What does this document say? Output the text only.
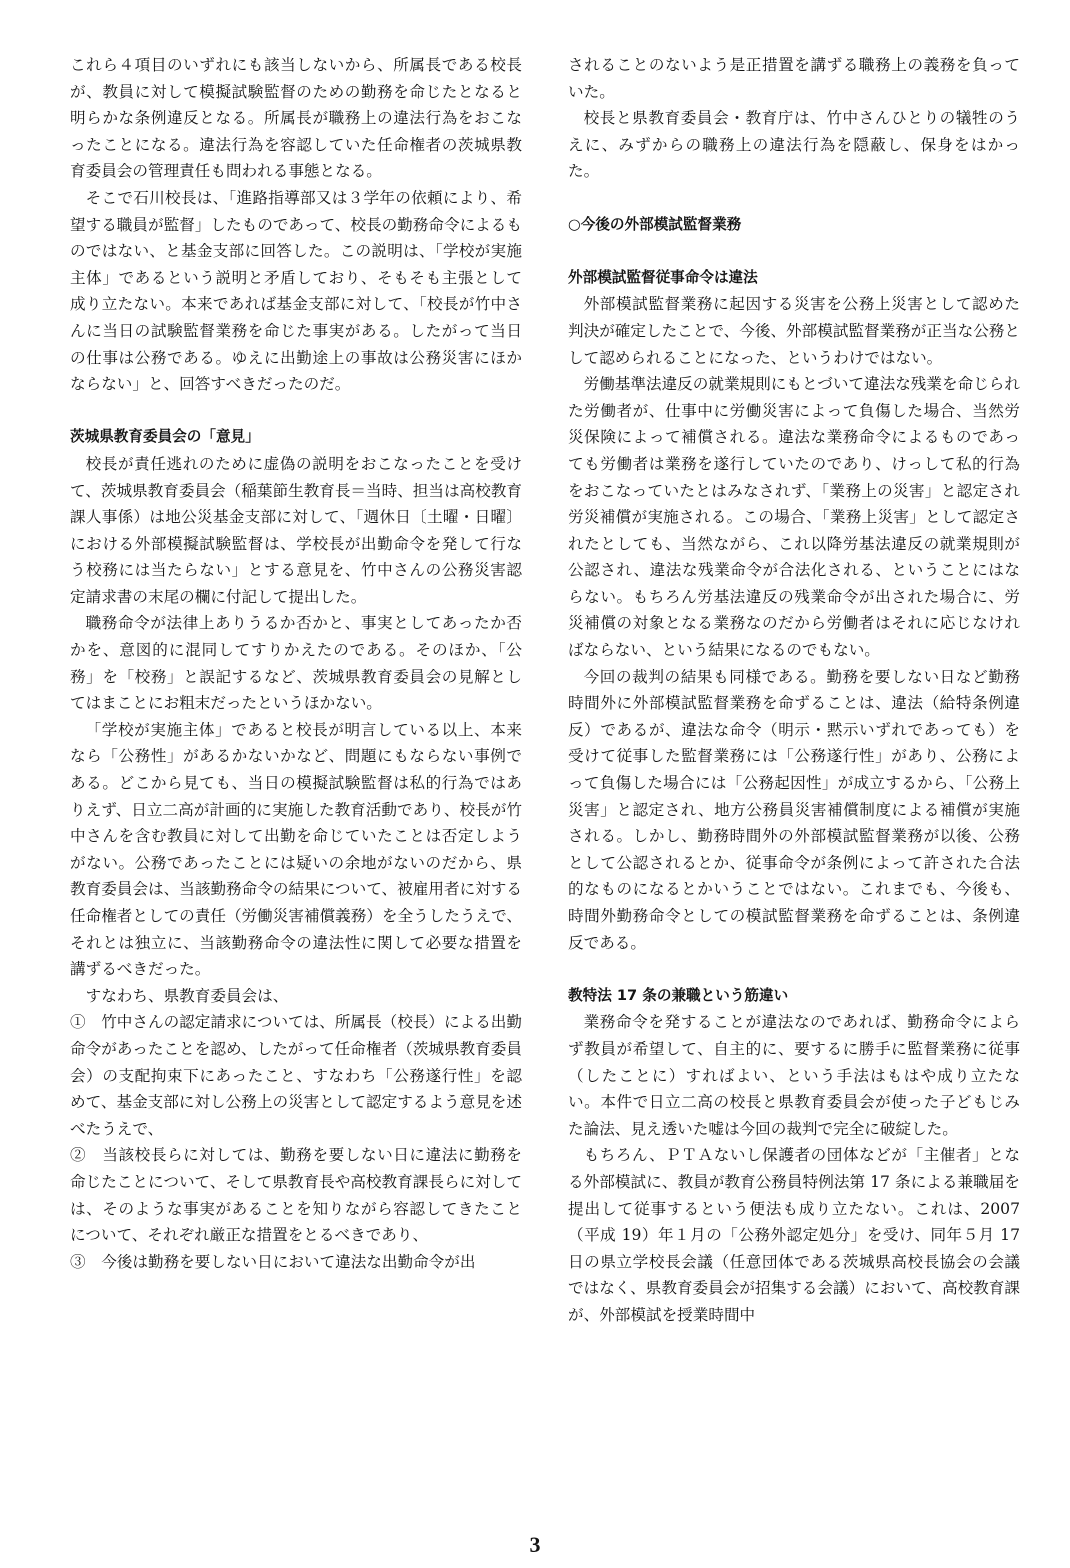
これら４項目のいずれにも該当しないから、所属長である校長が、教員に対して模擬試験監督のための勤務を命じたとなると明らかな条例違反となる。所属長が職務上の違法行為をおこなったことになる。違法行為を容認していた任命権者の茨城県教育委員会の管理責任も問われる事態となる。

そこで石川校長は、「進路指導部又は３学年の依頼により、希望する職員が監督」したものであって、校長の勤務命令によるものではない、と基金支部に回答した。この説明は、「学校が実施主体」であるという説明と矛盾しており、そもそも主張として成り立たない。本来であれば基金支部に対して、「校長が竹中さんに当日の試験監督業務を命じた事実がある。したがって当日の仕事は公務である。ゆえに出勤途上の事故は公務災害にほかならない」と、回答すべきだったのだ。

茨城県教育委員会の「意見」

校長が責任逃れのために虚偽の説明をおこなったことを受けて、茨城県教育委員会（稲葉節生教育長＝当時、担当は高校教育課人事係）は地公災基金支部に対して、「週休日〔土曜・日曜〕における外部模擬試験監督は、学校長が出勤命令を発して行なう校務には当たらない」とする意見を、竹中さんの公務災害認定請求書の末尾の欄に付記して提出した。

職務命令が法律上ありうるか否かと、事実としてあったか否かを、意図的に混同してすりかえたのである。そのほか、「公務」を「校務」と誤記するなど、茨城県教育委員会の見解としてはまことにお粗末だったというほかない。

「学校が実施主体」であると校長が明言している以上、本来なら「公務性」があるかないかなど、問題にもならない事例である。どこから見ても、当日の模擬試験監督は私的行為ではありえず、日立二高が計画的に実施した教育活動であり、校長が竹中さんを含む教員に対して出勤を命じていたことは否定しようがない。公務であったことには疑いの余地がないのだから、県教育委員会は、当該勤務命令の結果について、被雇用者に対する任命権者としての責任（労働災害補償義務）を全うしたうえで、それとは独立に、当該勤務命令の違法性に関して必要な措置を講ずるべきだった。

すなわち、県教育委員会は、

①　竹中さんの認定請求については、所属長（校長）による出勤命令があったことを認め、したがって任命権者（茨城県教育委員会）の支配拘束下にあったこと、すなわち「公務遂行性」を認めて、基金支部に対し公務上の災害として認定するよう意見を述べたうえで、

②　当該校長らに対しては、勤務を要しない日に違法に勤務を命じたことについて、そして県教育長や高校教育課長らに対しては、そのような事実があることを知りながら容認してきたことについて、それぞれ厳正な措置をとるべきであり、

③　今後は勤務を要しない日において違法な出勤命令が出

されることのないよう是正措置を講ずる職務上の義務を負っていた。

校長と県教育委員会・教育庁は、竹中さんひとりの犠牲のうえに、みずからの職務上の違法行為を隠蔽し、保身をはかった。

○今後の外部模試監督業務
外部模試監督従事命令は違法

外部模試監督業務に起因する災害を公務上災害として認めた判決が確定したことで、今後、外部模試監督業務が正当な公務として認められることになった、というわけではない。

労働基準法違反の就業規則にもとづいて違法な残業を命じられた労働者が、仕事中に労働災害によって負傷した場合、当然労災保険によって補償される。違法な業務命令によるものであっても労働者は業務を遂行していたのであり、けっして私的行為をおこなっていたとはみなされず、「業務上の災害」と認定され労災補償が実施される。この場合、「業務上災害」として認定されたとしても、当然ながら、これ以降労基法違反の就業規則が公認され、違法な残業命令が合法化される、ということにはならない。もちろん労基法違反の残業命令が出された場合に、労災補償の対象となる業務なのだから労働者はそれに応じなければならない、という結果になるのでもない。

今回の裁判の結果も同様である。勤務を要しない日など勤務時間外に外部模試監督業務を命ずることは、違法（給特条例違反）であるが、違法な命令（明示・黙示いずれであっても）を受けて従事した監督業務には「公務遂行性」があり、公務によって負傷した場合には「公務起因性」が成立するから、「公務上災害」と認定され、地方公務員災害補償制度による補償が実施される。しかし、勤務時間外の外部模試監督業務が以後、公務として公認されるとか、従事命令が条例によって許された合法的なものになるとかいうことではない。これまでも、今後も、時間外勤務命令としての模試監督業務を命ずることは、条例違反である。

教特法 17 条の兼職という筋違い

業務命令を発することが違法なのであれば、勤務命令によらず教員が希望して、自主的に、要するに勝手に監督業務に従事（したことに）すればよい、という手法はもはや成り立たない。本件で日立二高の校長と県教育委員会が使った子どもじみた論法、見え透いた嘘は今回の裁判で完全に破綻した。

もちろん、ＰＴＡないし保護者の団体などが「主催者」となる外部模試に、教員が教育公務員特例法第 17 条による兼職届を提出して従事するという便法も成り立たない。これは、2007（平成 19）年１月の「公務外認定処分」を受け、同年５月 17 日の県立学校長会議（任意団体である茨城県高校長協会の会議ではなく、県教育委員会が招集する会議）において、高校教育課が、外部模試を授業時間中

3
